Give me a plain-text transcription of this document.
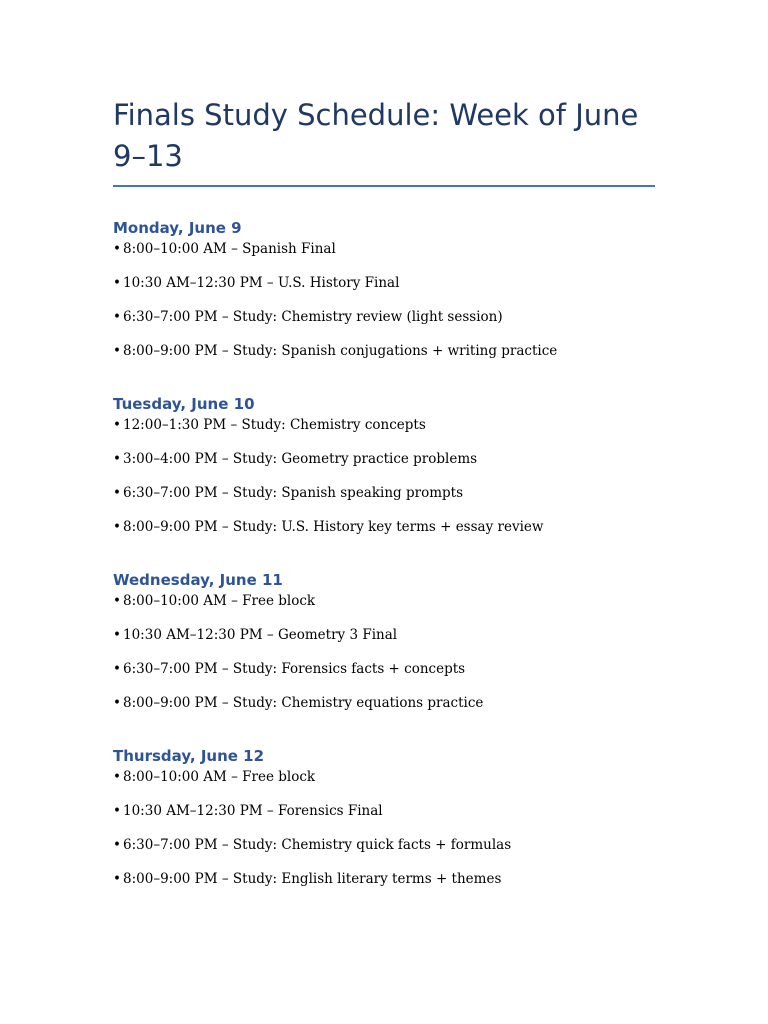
Finals Study Schedule: Week of June 9–13
Monday, June 9
• 8:00–10:00 AM – Spanish Final
• 10:30 AM–12:30 PM – U.S. History Final
• 6:30–7:00 PM – Study: Chemistry review (light session)
• 8:00–9:00 PM – Study: Spanish conjugations + writing practice
Tuesday, June 10
• 12:00–1:30 PM – Study: Chemistry concepts
• 3:00–4:00 PM – Study: Geometry practice problems
• 6:30–7:00 PM – Study: Spanish speaking prompts
• 8:00–9:00 PM – Study: U.S. History key terms + essay review
Wednesday, June 11
• 8:00–10:00 AM – Free block
• 10:30 AM–12:30 PM – Geometry 3 Final
• 6:30–7:00 PM – Study: Forensics facts + concepts
• 8:00–9:00 PM – Study: Chemistry equations practice
Thursday, June 12
• 8:00–10:00 AM – Free block
• 10:30 AM–12:30 PM – Forensics Final
• 6:30–7:00 PM – Study: Chemistry quick facts + formulas
• 8:00–9:00 PM – Study: English literary terms + themes
